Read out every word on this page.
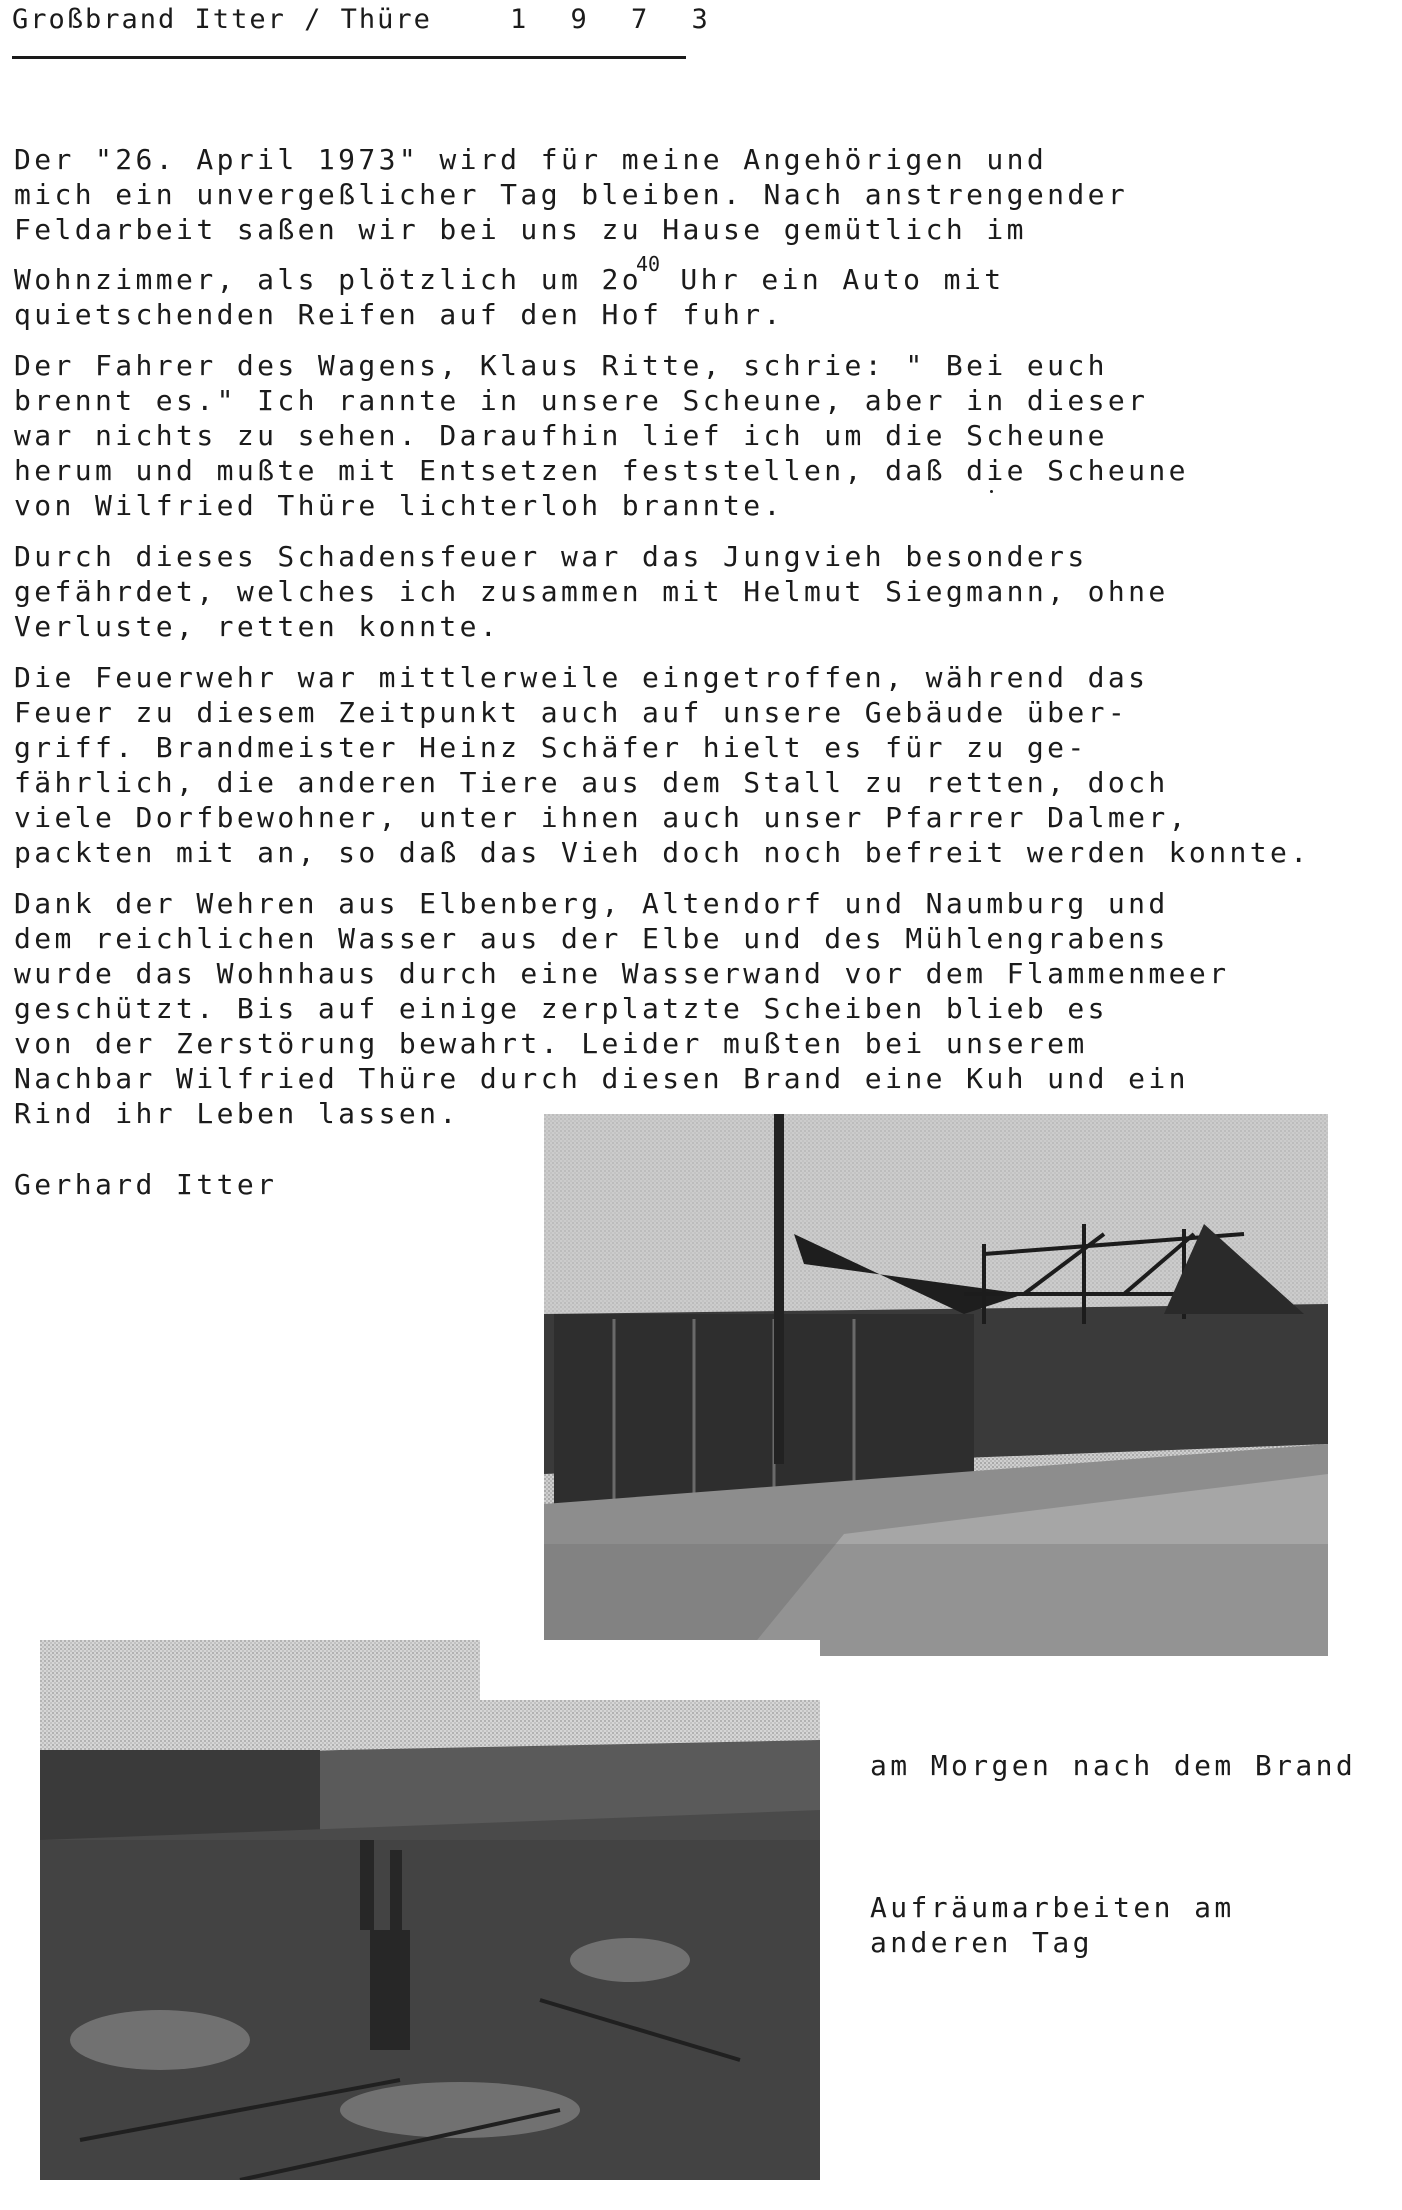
Großbrand Itter / Thüre	1 9 7 3

Der "26. April 1973" wird für meine Angehörigen und
mich ein unvergeßlicher Tag bleiben. Nach anstrengender
Feldarbeit saßen wir bei uns zu Hause gemütlich im
Wohnzimmer, als plötzlich um $2o^{40}$ Uhr ein Auto mit
quietschenden Reifen auf den Hof fuhr.

Der Fahrer des Wagens, Klaus Ritte, schrie: " Bei euch
brennt es." Ich rannte in unsere Scheune, aber in dieser
war nichts zu sehen. Daraufhin lief ich um die Scheune
herum und mußte mit Entsetzen feststellen, daß die Scheune
von Wilfried Thüre lichterloh brannte.

Durch dieses Schadensfeuer war das Jungvieh besonders
gefährdet, welches ich zusammen mit Helmut Siegmann, ohne
Verluste, retten konnte.

Die Feuerwehr war mittlerweile eingetroffen, während das
Feuer zu diesem Zeitpunkt auch auf unsere Gebäude über-
griff. Brandmeister Heinz Schäfer hielt es für zu ge-
fährlich, die anderen Tiere aus dem Stall zu retten, doch
viele Dorfbewohner, unter ihnen auch unser Pfarrer Dalmer,
packten mit an, so daß das Vieh doch noch befreit werden konnte.

Dank der Wehren aus Elbenberg, Altendorf und Naumburg und
dem reichlichen Wasser aus der Elbe und des Mühlengrabens
wurde das Wohnhaus durch eine Wasserwand vor dem Flammenmeer
geschützt. Bis auf einige zerplatzte Scheiben blieb es
von der Zerstörung bewahrt. Leider mußten bei unserem
Nachbar Wilfried Thüre durch diesen Brand eine Kuh und ein
Rind ihr Leben lassen.

Gerhard Itter
am Morgen nach dem Brand
Aufräumarbeiten am
anderen Tag
